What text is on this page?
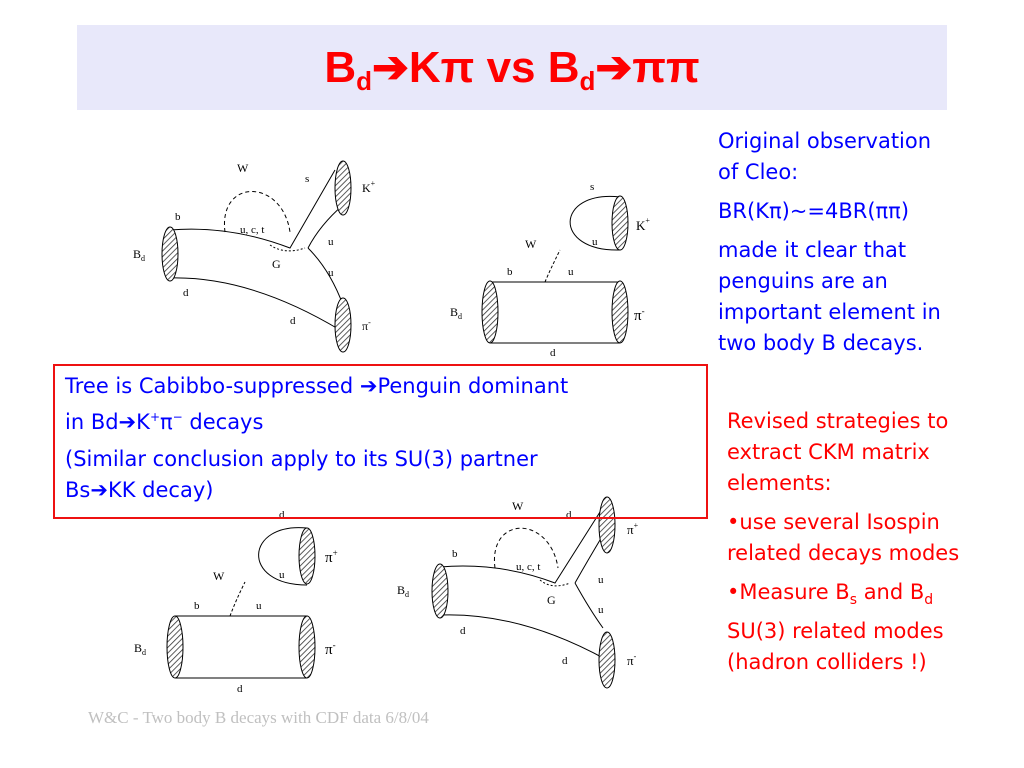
$B_d➔K\pi$ vs $B_d➔\pi\pi$
W
s
b
u, c, t
u
G
u
d
d
$B_d$
K+
π-
s
u
W
b	u
d
$B_d$
K+
π-
d
u
W
b	u
d
$B_d$
π+
π-
W
d
b
u, c, t
u
G
u
d
d
$B_d$
π+
π-
Original observation
of Cleo:
BR(Kπ)~=4BR(ππ)
made it clear that
penguins are an
important element in
two body B decays.
Revised strategies to
extract CKM matrix
elements:
•use several Isospin
related decays modes
•Measure $B_s$ and $B_d$
SU(3) related modes
(hadron colliders !)
Tree is Cabibbo-suppressed ➔Penguin dominant
in Bd➔K+π− decays
(Similar conclusion apply to its SU(3) partner
Bs➔KK decay)
W&C - Two body B decays with CDF data 6/8/04
